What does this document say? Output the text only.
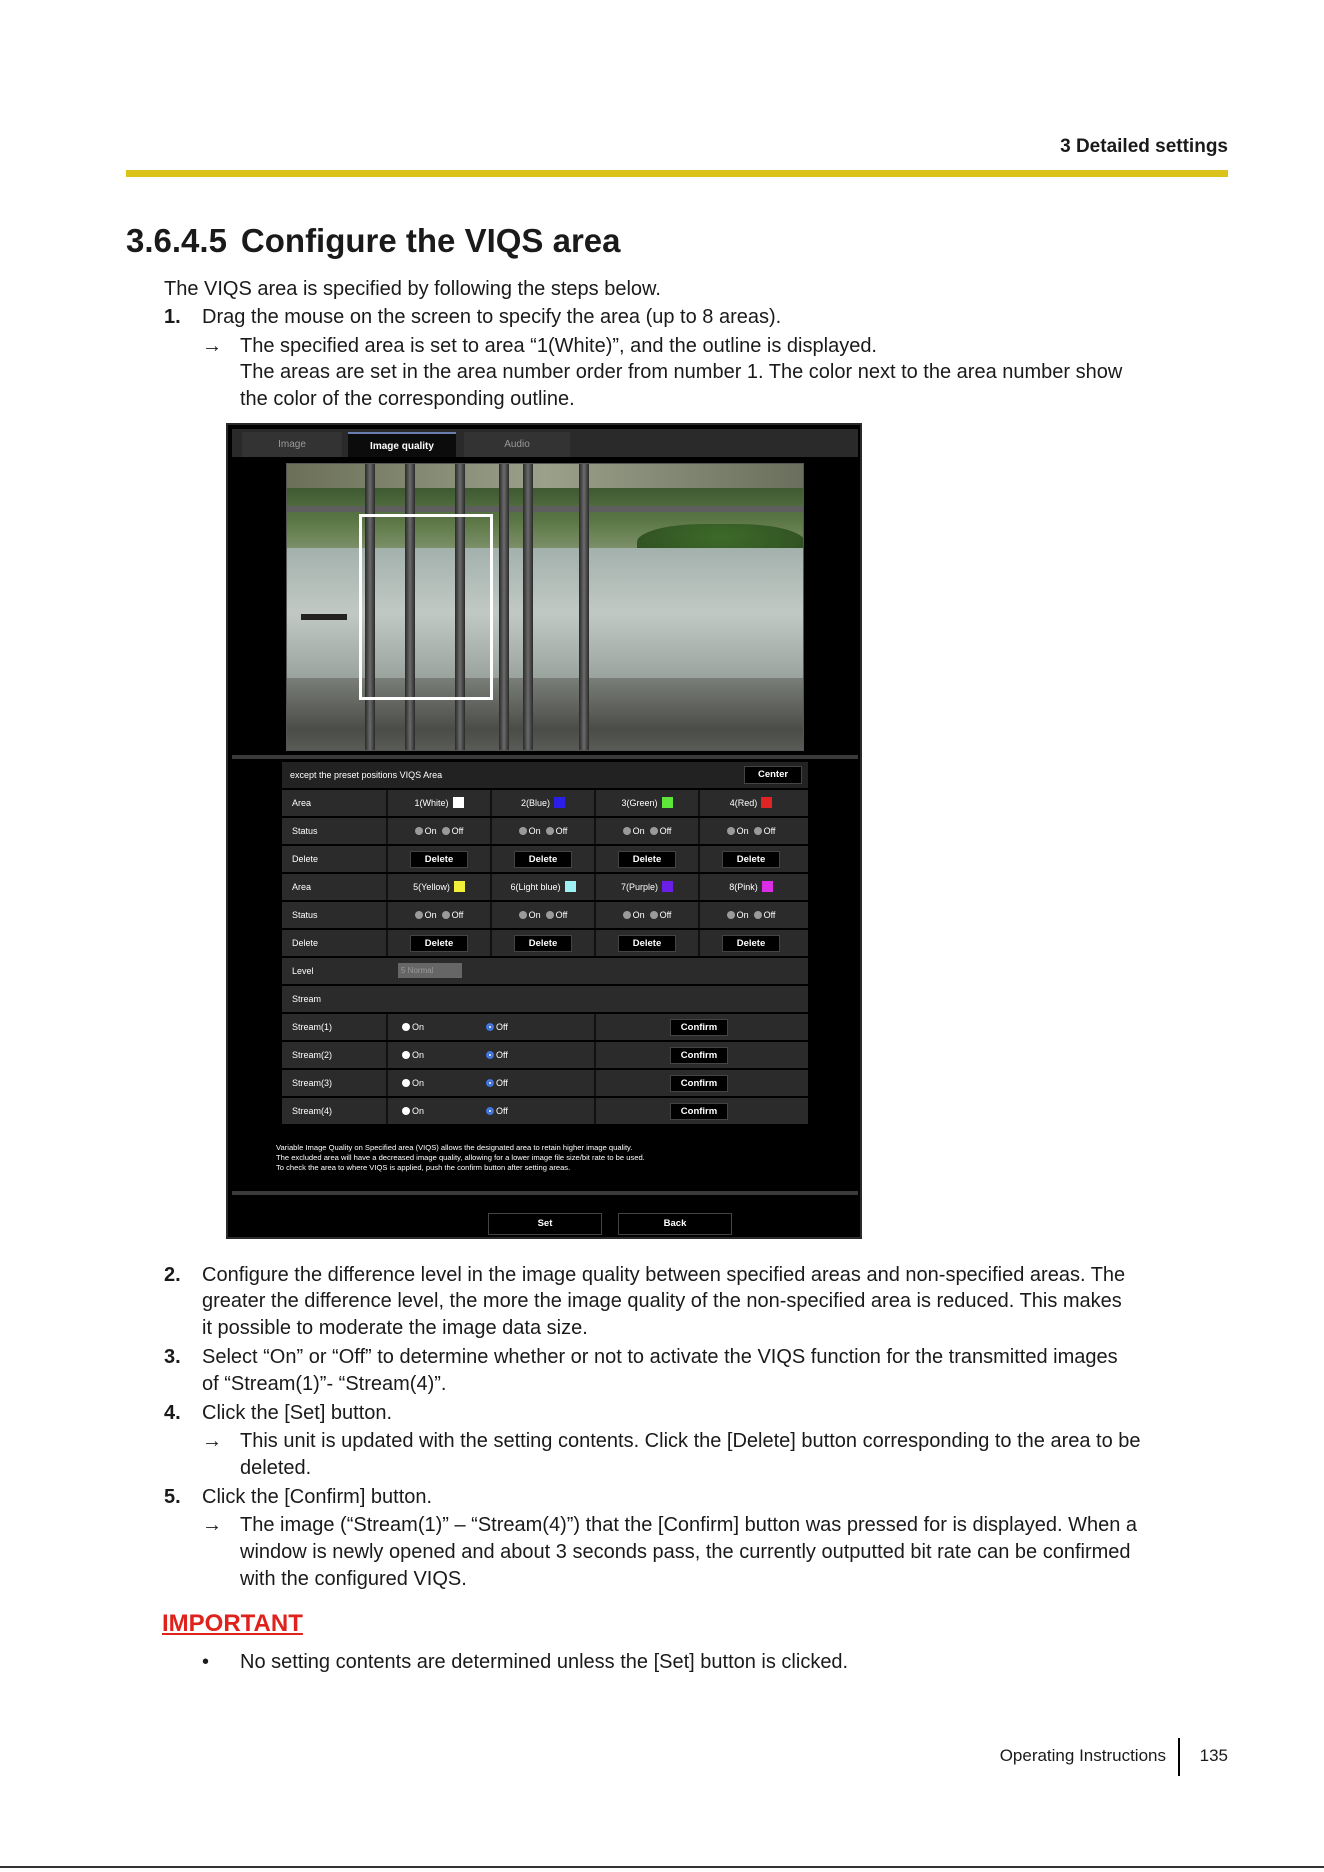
3 Detailed settings
3.6.4.5 Configure the VIQS area
The VIQS area is specified by following the steps below.
1. Drag the mouse on the screen to specify the area (up to 8 areas).
→ The specified area is set to area “1(White)”, and the outline is displayed.
The areas are set in the area number order from number 1. The color next to the area number show
the color of the corresponding outline.
Image	Image quality	Audio
except the preset positions VIQS Area	Center
Area	1(White)	2(Blue)	3(Green)	4(Red)
Status	On Off	On Off	On Off	On Off
Delete	Delete	Delete	Delete	Delete
Area	5(Yellow)	6(Light blue)	7(Purple)	8(Pink)
Status	On Off	On Off	On Off	On Off
Delete	Delete	Delete	Delete	Delete
Level	5 Normal
Stream
Stream(1)	On	Off	Confirm
Stream(2)	On	Off	Confirm
Stream(3)	On	Off	Confirm
Stream(4)	On	Off	Confirm
Variable Image Quality on Specified area (VIQS) allows the designated area to retain higher image quality.
The excluded area will have a decreased image quality, allowing for a lower image file size/bit rate to be used.
To check the area to where VIQS is applied, push the confirm button after setting areas.
Set	Back
2. Configure the difference level in the image quality between specified areas and non-specified areas. The
greater the difference level, the more the image quality of the non-specified area is reduced. This makes
it possible to moderate the image data size.
3. Select “On” or “Off” to determine whether or not to activate the VIQS function for the transmitted images
of “Stream(1)”- “Stream(4)”.
4. Click the [Set] button.
→ This unit is updated with the setting contents. Click the [Delete] button corresponding to the area to be
deleted.
5. Click the [Confirm] button.
→ The image (“Stream(1)” – “Stream(4)”) that the [Confirm] button was pressed for is displayed. When a
window is newly opened and about 3 seconds pass, the currently outputted bit rate can be confirmed
with the configured VIQS.
IMPORTANT
• No setting contents are determined unless the [Set] button is clicked.
Operating Instructions 135
